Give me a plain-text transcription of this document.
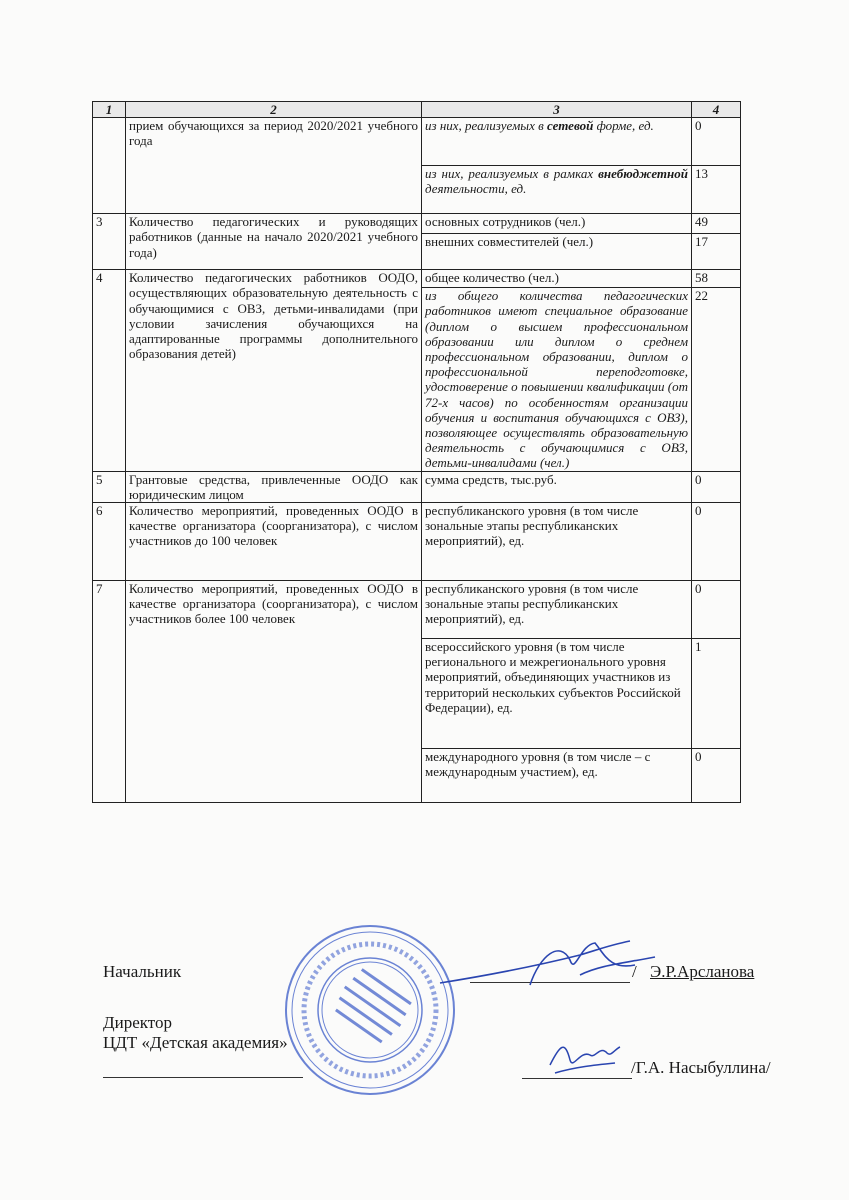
1	2	3	4
	прием обучающихся за период 2020/2021 учебного года	из них, реализуемых в сетевой форме, ед.	0
		из них, реализуемых в рамках внебюджетной деятельности, ед.	13
3	Количество педагогических и руководящих работников (данные на начало 2020/2021 учебного года)	основных сотрудников (чел.)	49
		внешних совместителей (чел.)	17
4	Количество педагогических работников ООДО, осуществляющих образовательную деятельность с обучающимися с ОВЗ, детьми-инвалидами (при условии зачисления обучающихся на адаптированные программы дополнительного образования детей)	общее количество (чел.)	58
		из общего количества педагогических работников имеют специальное образование (диплом о высшем профессиональном образовании или диплом о среднем профессиональном образовании, диплом о профессиональной переподготовке, удостоверение о повышении квалификации (от 72-х часов) по особенностям организации обучения и воспитания обучающихся с ОВЗ), позволяющее осуществлять образовательную деятельность с обучающимися с ОВЗ, детьми-инвалидами (чел.)	22
5	Грантовые средства, привлеченные ООДО как юридическим лицом	сумма средств, тыс.руб.	0
6	Количество мероприятий, проведенных ООДО в качестве организатора (соорганизатора), с числом участников до 100 человек	республиканского уровня (в том числе зональные этапы республиканских мероприятий), ед.	0
7	Количество мероприятий, проведенных ООДО в качестве организатора (соорганизатора), с числом участников более 100 человек	республиканского уровня (в том числе зональные этапы республиканских мероприятий), ед.	0
		всероссийского уровня (в том числе регионального и межрегионального уровня мероприятий, объединяющих участников из территорий нескольких субъектов Российской Федерации), ед.	1
		международного уровня (в том числе – с международным участием), ед.	0
Начальник	/ Э.Р.Арсланова
Директор
ЦДТ «Детская академия»
/Г.А. Насыбуллина/
